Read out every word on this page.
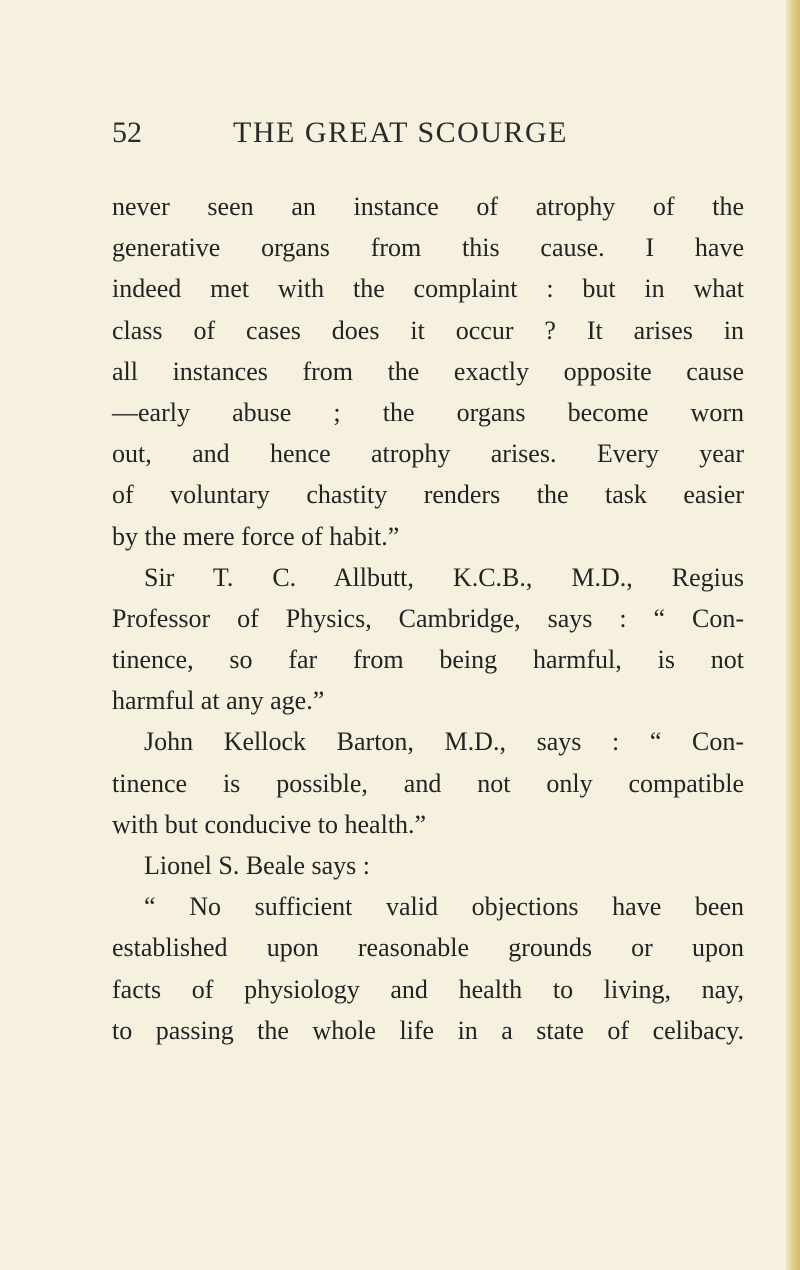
52	THE GREAT SCOURGE
never seen an instance of atrophy of the
generative organs from this cause. I have
indeed met with the complaint : but in what
class of cases does it occur ? It arises in
all instances from the exactly opposite cause
—early abuse ; the organs become worn
out, and hence atrophy arises. Every year
of voluntary chastity renders the task easier
by the mere force of habit.”
Sir T. C. Allbutt, K.C.B., M.D., Regius
Professor of Physics, Cambridge, says : “ Con-
tinence, so far from being harmful, is not
harmful at any age.”
John Kellock Barton, M.D., says : “ Con-
tinence is possible, and not only compatible
with but conducive to health.”
Lionel S. Beale says :
“ No sufficient valid objections have been
established upon reasonable grounds or upon
facts of physiology and health to living, nay,
to passing the whole life in a state of celibacy.
